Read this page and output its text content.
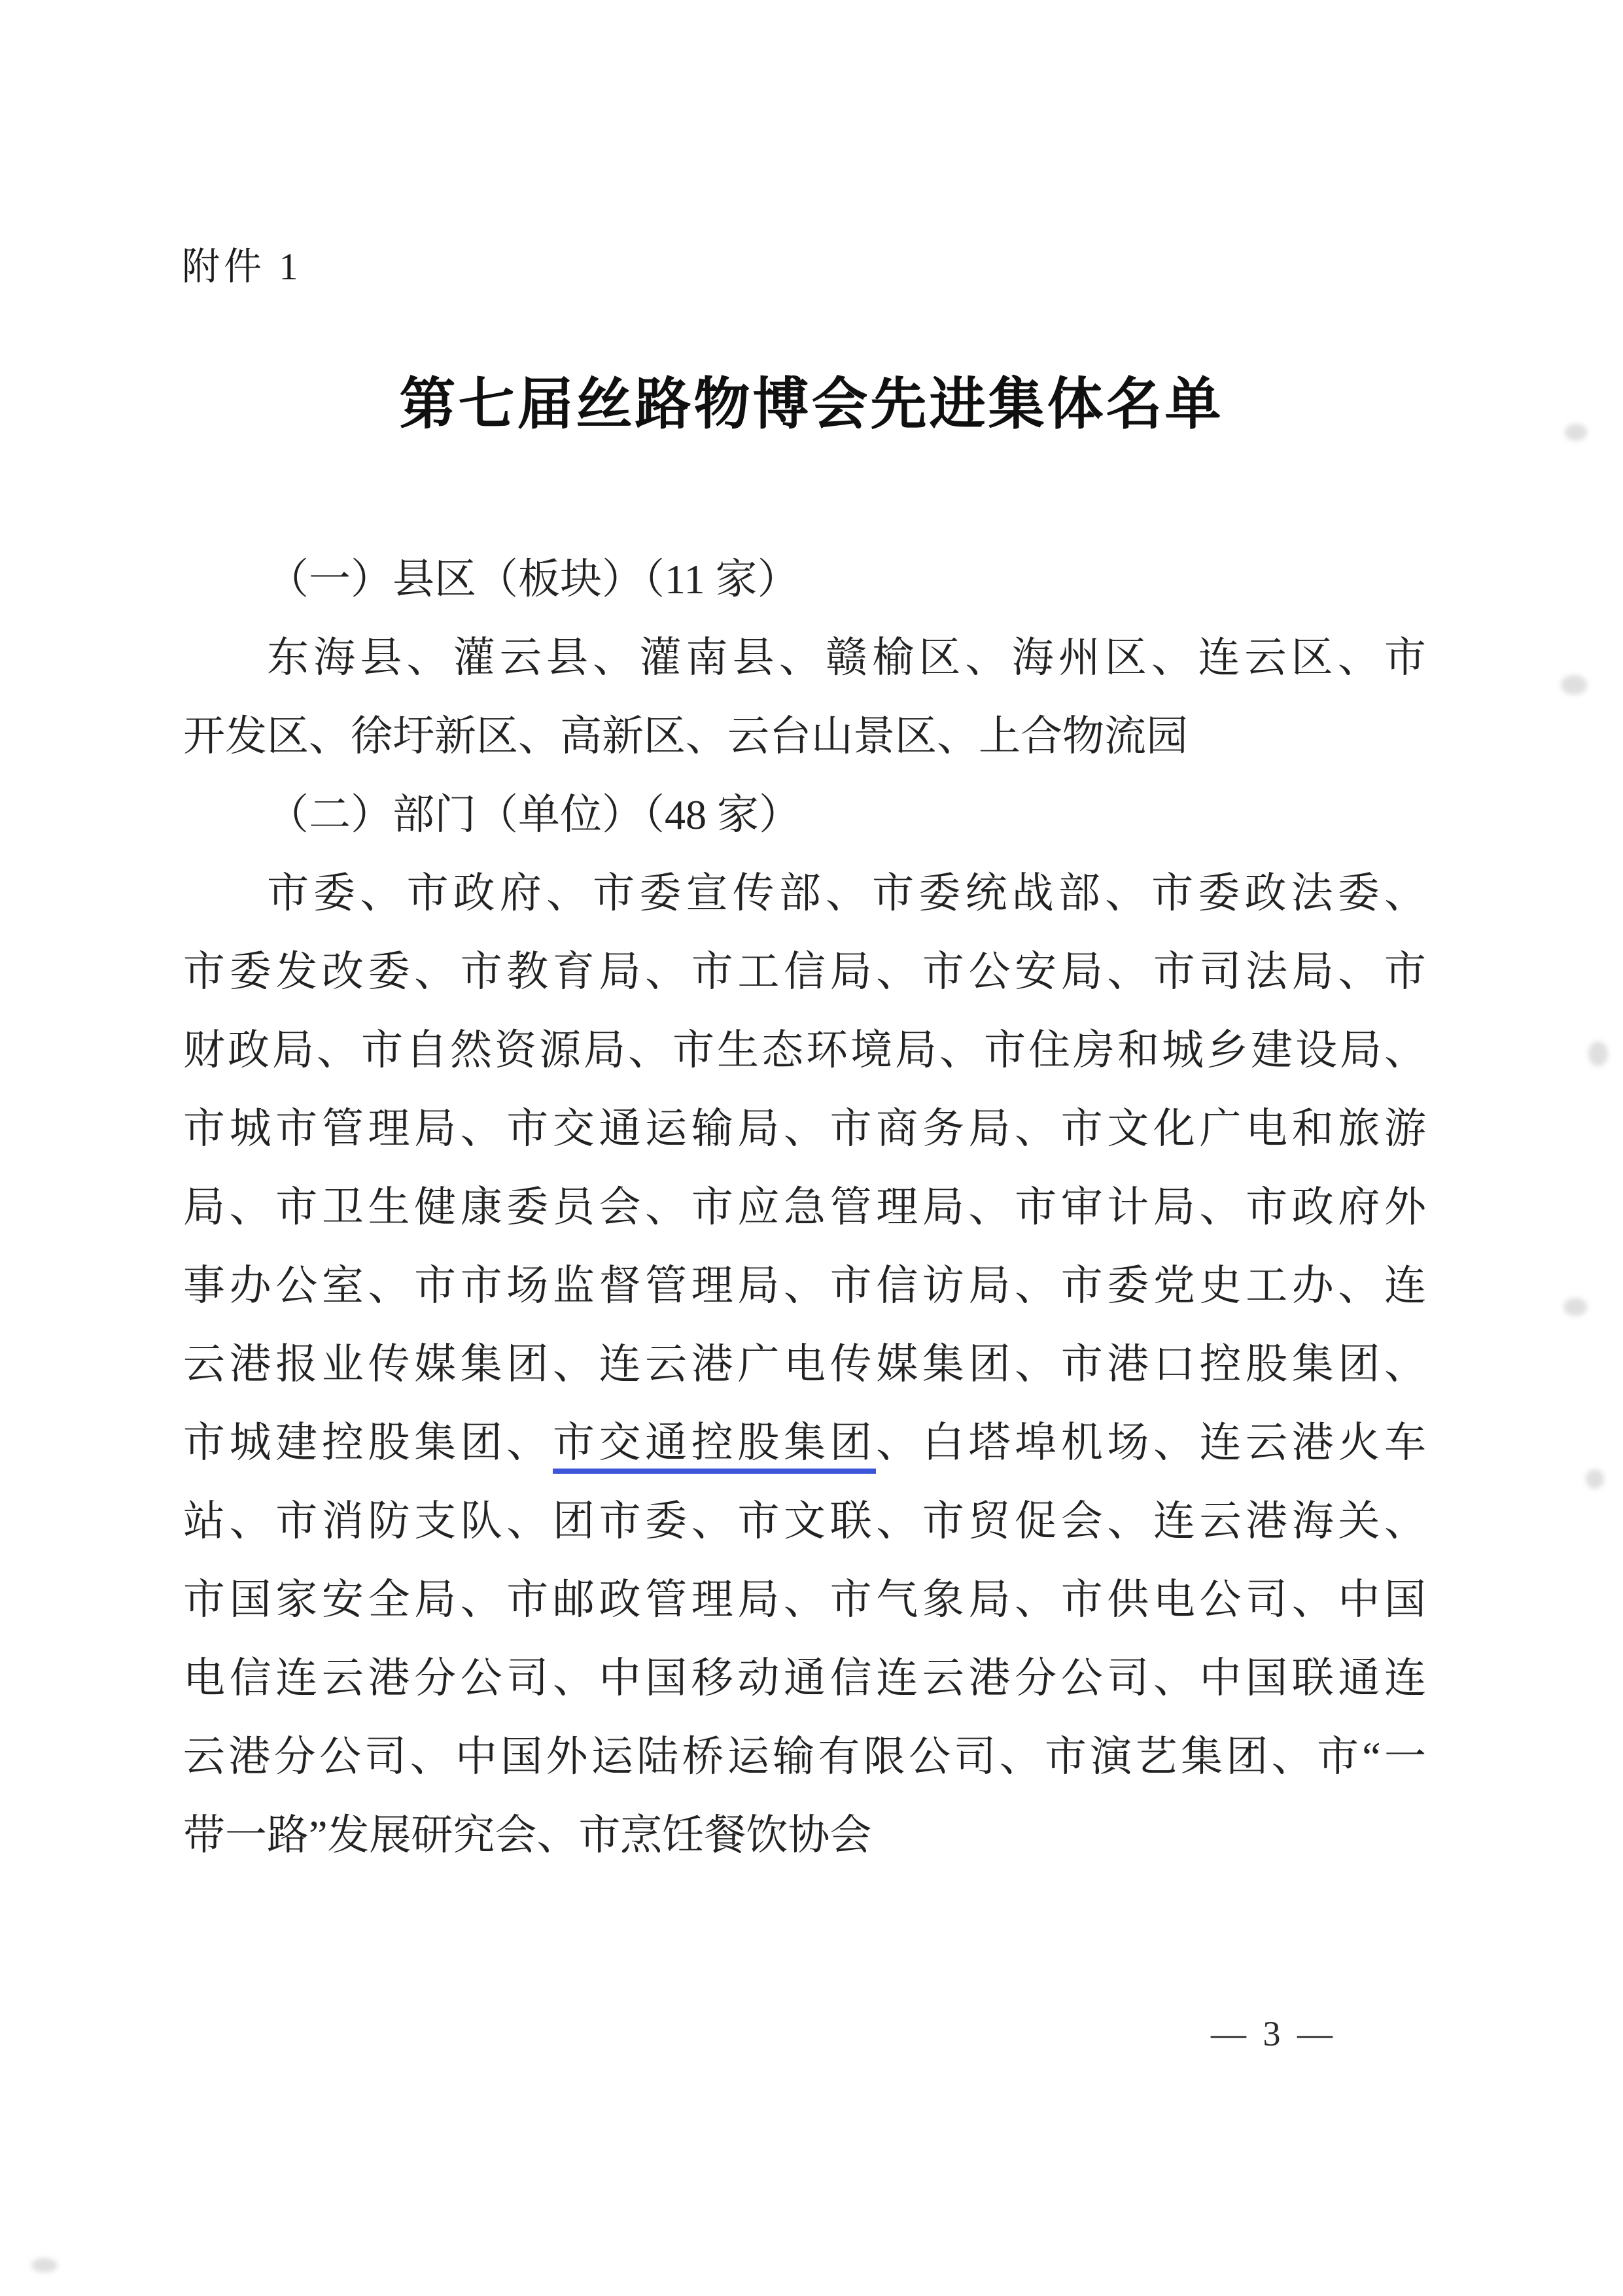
附件 1
第七届丝路物博会先进集体名单
（一）县区（板块）（11 家）
东海县、灌云县、灌南县、赣榆区、海州区、连云区、市
开发区、徐圩新区、高新区、云台山景区、上合物流园
（二）部门（单位）（48 家）
市委、市政府、市委宣传部、市委统战部、市委政法委、
市委发改委、市教育局、市工信局、市公安局、市司法局、市
财政局、市自然资源局、市生态环境局、市住房和城乡建设局、
市城市管理局、市交通运输局、市商务局、市文化广电和旅游
局、市卫生健康委员会、市应急管理局、市审计局、市政府外
事办公室、市市场监督管理局、市信访局、市委党史工办、连
云港报业传媒集团、连云港广电传媒集团、市港口控股集团、
市城建控股集团、市交通控股集团、白塔埠机场、连云港火车
站、市消防支队、团市委、市文联、市贸促会、连云港海关、
市国家安全局、市邮政管理局、市气象局、市供电公司、中国
电信连云港分公司、中国移动通信连云港分公司、中国联通连
云港分公司、中国外运陆桥运输有限公司、市演艺集团、市“一
带一路”发展研究会、市烹饪餐饮协会
— 3 —
